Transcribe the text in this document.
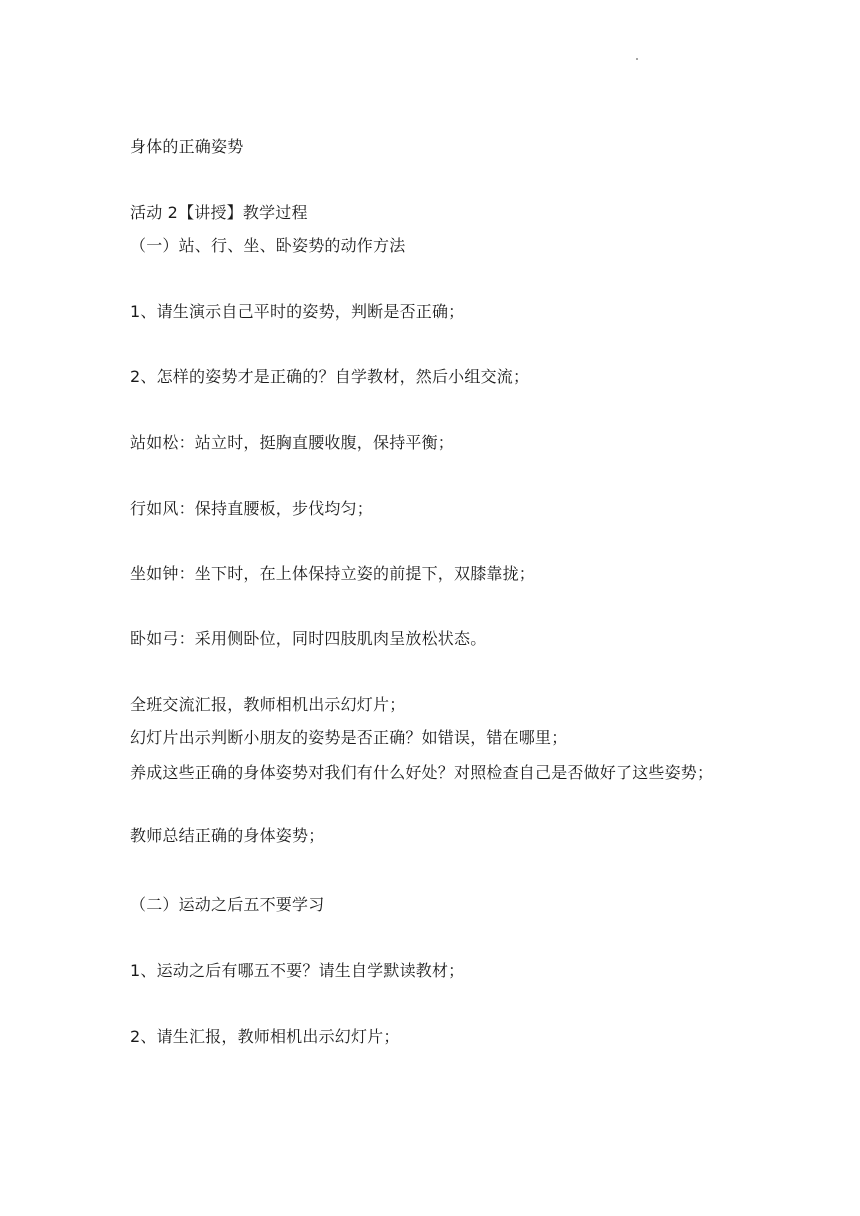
身体的正确姿势
活动 2【讲授】教学过程
（一）站、行、坐、卧姿势的动作方法
1、请生演示自己平时的姿势，判断是否正确；
2、怎样的姿势才是正确的？自学教材，然后小组交流；
站如松：站立时，挺胸直腰收腹，保持平衡；
行如风：保持直腰板，步伐均匀；
坐如钟：坐下时，在上体保持立姿的前提下，双膝靠拢；
卧如弓：采用侧卧位，同时四肢肌肉呈放松状态。
全班交流汇报，教师相机出示幻灯片；
幻灯片出示判断小朋友的姿势是否正确？如错误，错在哪里；
养成这些正确的身体姿势对我们有什么好处？对照检查自己是否做好了这些姿势；
教师总结正确的身体姿势；
（二）运动之后五不要学习
1、运动之后有哪五不要？请生自学默读教材；
2、请生汇报，教师相机出示幻灯片；
